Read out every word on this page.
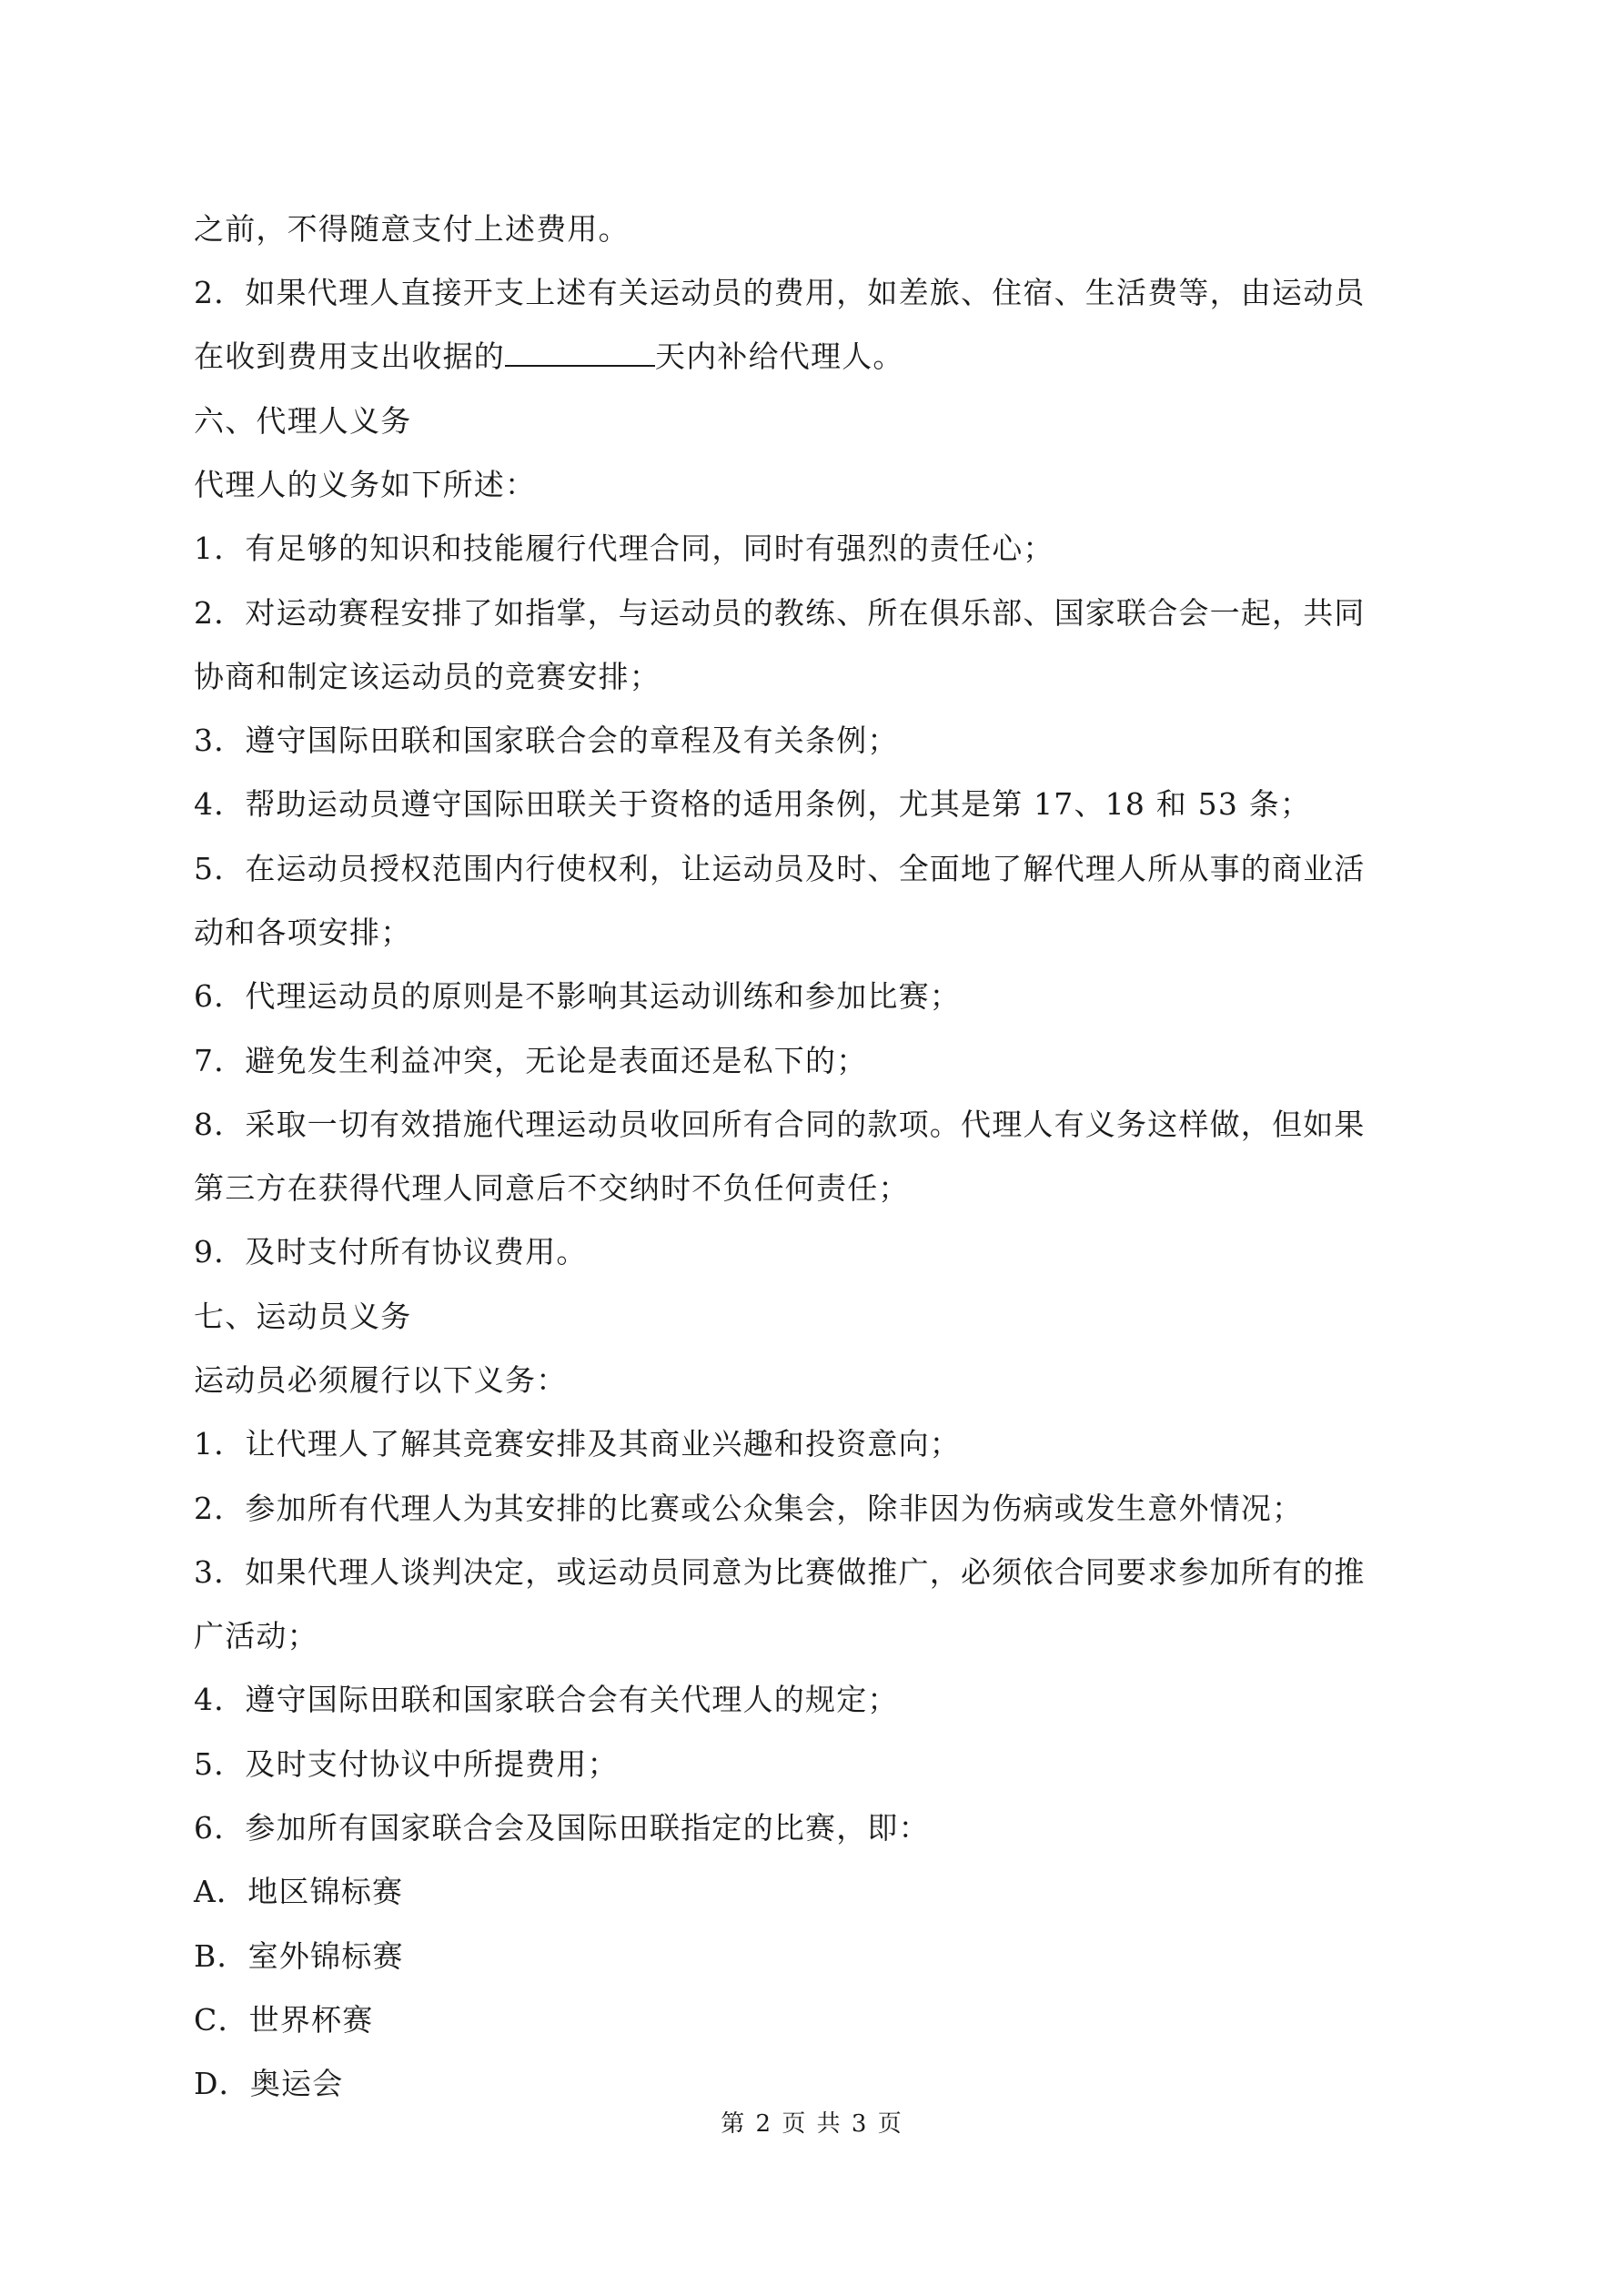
之前，不得随意支付上述费用。

2．如果代理人直接开支上述有关运动员的费用，如差旅、住宿、生活费等，由运动员

在收到费用支出收据的	天内补给代理人。

六、代理人义务

代理人的义务如下所述：

1．有足够的知识和技能履行代理合同，同时有强烈的责任心；

2．对运动赛程安排了如指掌，与运动员的教练、所在俱乐部、国家联合会一起，共同

协商和制定该运动员的竞赛安排；

3．遵守国际田联和国家联合会的章程及有关条例；

4．帮助运动员遵守国际田联关于资格的适用条例，尤其是第 17、18 和 53 条；

5．在运动员授权范围内行使权利，让运动员及时、全面地了解代理人所从事的商业活

动和各项安排；

6．代理运动员的原则是不影响其运动训练和参加比赛；

7．避免发生利益冲突，无论是表面还是私下的；

8．采取一切有效措施代理运动员收回所有合同的款项。代理人有义务这样做，但如果

第三方在获得代理人同意后不交纳时不负任何责任；

9．及时支付所有协议费用。

七、运动员义务

运动员必须履行以下义务：

1．让代理人了解其竞赛安排及其商业兴趣和投资意向；

2．参加所有代理人为其安排的比赛或公众集会，除非因为伤病或发生意外情况；

3．如果代理人谈判决定，或运动员同意为比赛做推广，必须依合同要求参加所有的推

广活动；

4．遵守国际田联和国家联合会有关代理人的规定；

5．及时支付协议中所提费用；

6．参加所有国家联合会及国际田联指定的比赛，即：

A．地区锦标赛

B．室外锦标赛

C．世界杯赛

D．奥运会

第 2 页 共 3 页
